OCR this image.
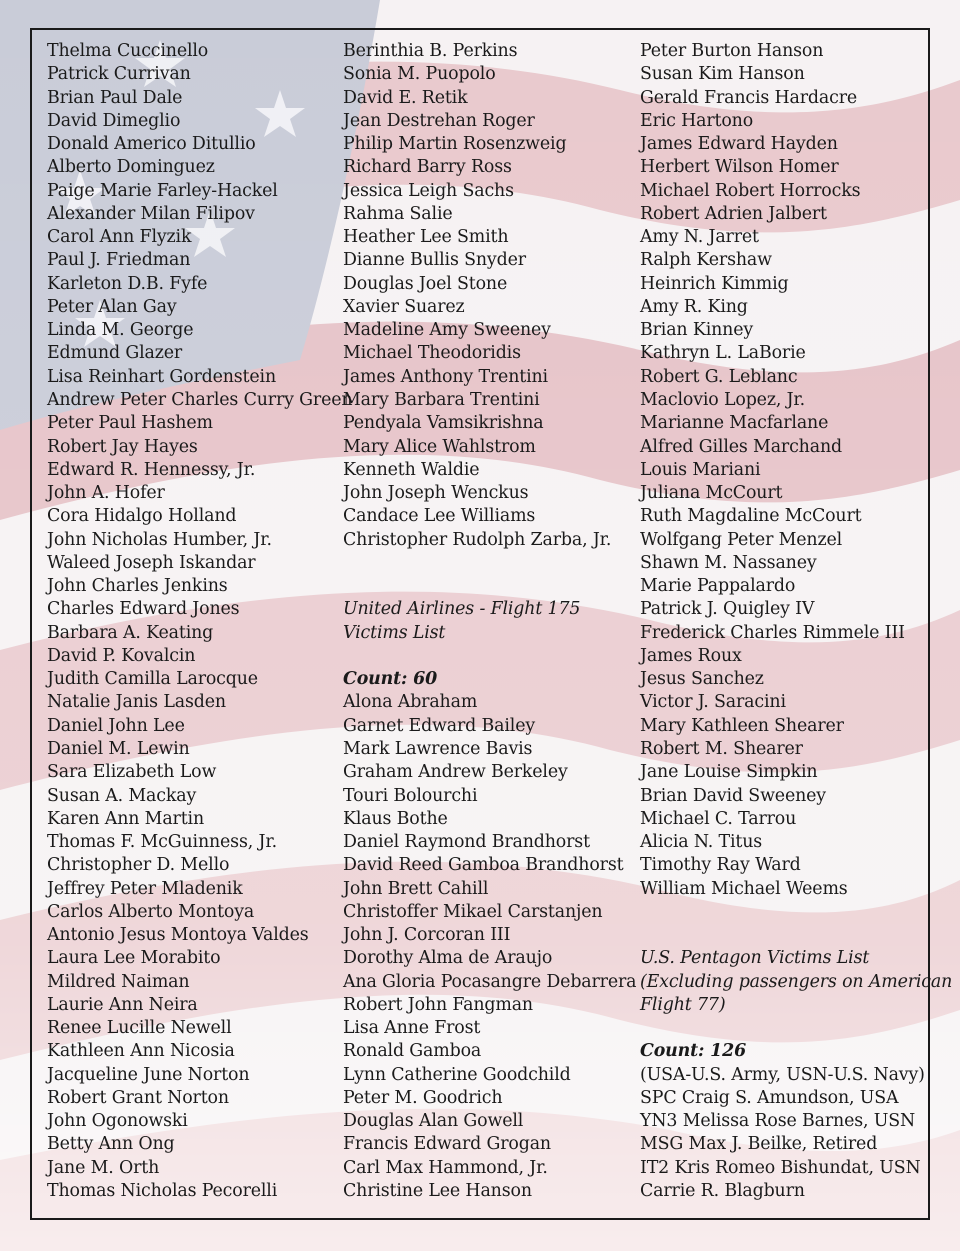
Thelma Cuccinello
Patrick Currivan
Brian Paul Dale
David Dimeglio
Donald Americo Ditullio
Alberto Dominguez
Paige Marie Farley-Hackel
Alexander Milan Filipov
Carol Ann Flyzik
Paul J. Friedman
Karleton D.B. Fyfe
Peter Alan Gay
Linda M. George
Edmund Glazer
Lisa Reinhart Gordenstein
Andrew Peter Charles Curry Green
Peter Paul Hashem
Robert Jay Hayes
Edward R. Hennessy, Jr.
John A. Hofer
Cora Hidalgo Holland
John Nicholas Humber, Jr.
Waleed Joseph Iskandar
John Charles Jenkins
Charles Edward Jones
Barbara A. Keating
David P. Kovalcin
Judith Camilla Larocque
Natalie Janis Lasden
Daniel John Lee
Daniel M. Lewin
Sara Elizabeth Low
Susan A. Mackay
Karen Ann Martin
Thomas F. McGuinness, Jr.
Christopher D. Mello
Jeffrey Peter Mladenik
Carlos Alberto Montoya
Antonio Jesus Montoya Valdes
Laura Lee Morabito
Mildred Naiman
Laurie Ann Neira
Renee Lucille Newell
Kathleen Ann Nicosia
Jacqueline June Norton
Robert Grant Norton
John Ogonowski
Betty Ann Ong
Jane M. Orth
Thomas Nicholas Pecorelli
Berinthia B. Perkins
Sonia M. Puopolo
David E. Retik
Jean Destrehan Roger
Philip Martin Rosenzweig
Richard Barry Ross
Jessica Leigh Sachs
Rahma Salie
Heather Lee Smith
Dianne Bullis Snyder
Douglas Joel Stone
Xavier Suarez
Madeline Amy Sweeney
Michael Theodoridis
James Anthony Trentini
Mary Barbara Trentini
Pendyala Vamsikrishna
Mary Alice Wahlstrom
Kenneth Waldie
John Joseph Wenckus
Candace Lee Williams
Christopher Rudolph Zarba, Jr.
United Airlines - Flight 175
Victims List
Count: 60
Alona Abraham
Garnet Edward Bailey
Mark Lawrence Bavis
Graham Andrew Berkeley
Touri Bolourchi
Klaus Bothe
Daniel Raymond Brandhorst
David Reed Gamboa Brandhorst
John Brett Cahill
Christoffer Mikael Carstanjen
John J. Corcoran III
Dorothy Alma de Araujo
Ana Gloria Pocasangre Debarrera
Robert John Fangman
Lisa Anne Frost
Ronald Gamboa
Lynn Catherine Goodchild
Peter M. Goodrich
Douglas Alan Gowell
Francis Edward Grogan
Carl Max Hammond, Jr.
Christine Lee Hanson
Peter Burton Hanson
Susan Kim Hanson
Gerald Francis Hardacre
Eric Hartono
James Edward Hayden
Herbert Wilson Homer
Michael Robert Horrocks
Robert Adrien Jalbert
Amy N. Jarret
Ralph Kershaw
Heinrich Kimmig
Amy R. King
Brian Kinney
Kathryn L. LaBorie
Robert G. Leblanc
Maclovio Lopez, Jr.
Marianne Macfarlane
Alfred Gilles Marchand
Louis Mariani
Juliana McCourt
Ruth Magdaline McCourt
Wolfgang Peter Menzel
Shawn M. Nassaney
Marie Pappalardo
Patrick J. Quigley IV
Frederick Charles Rimmele III
James Roux
Jesus Sanchez
Victor J. Saracini
Mary Kathleen Shearer
Robert M. Shearer
Jane Louise Simpkin
Brian David Sweeney
Michael C. Tarrou
Alicia N. Titus
Timothy Ray Ward
William Michael Weems
U.S. Pentagon Victims List
(Excluding passengers on American
Flight 77)
Count: 126
(USA-U.S. Army, USN-U.S. Navy)
SPC Craig S. Amundson, USA
YN3 Melissa Rose Barnes, USN
MSG Max J. Beilke, Retired
IT2 Kris Romeo Bishundat, USN
Carrie R. Blagburn
